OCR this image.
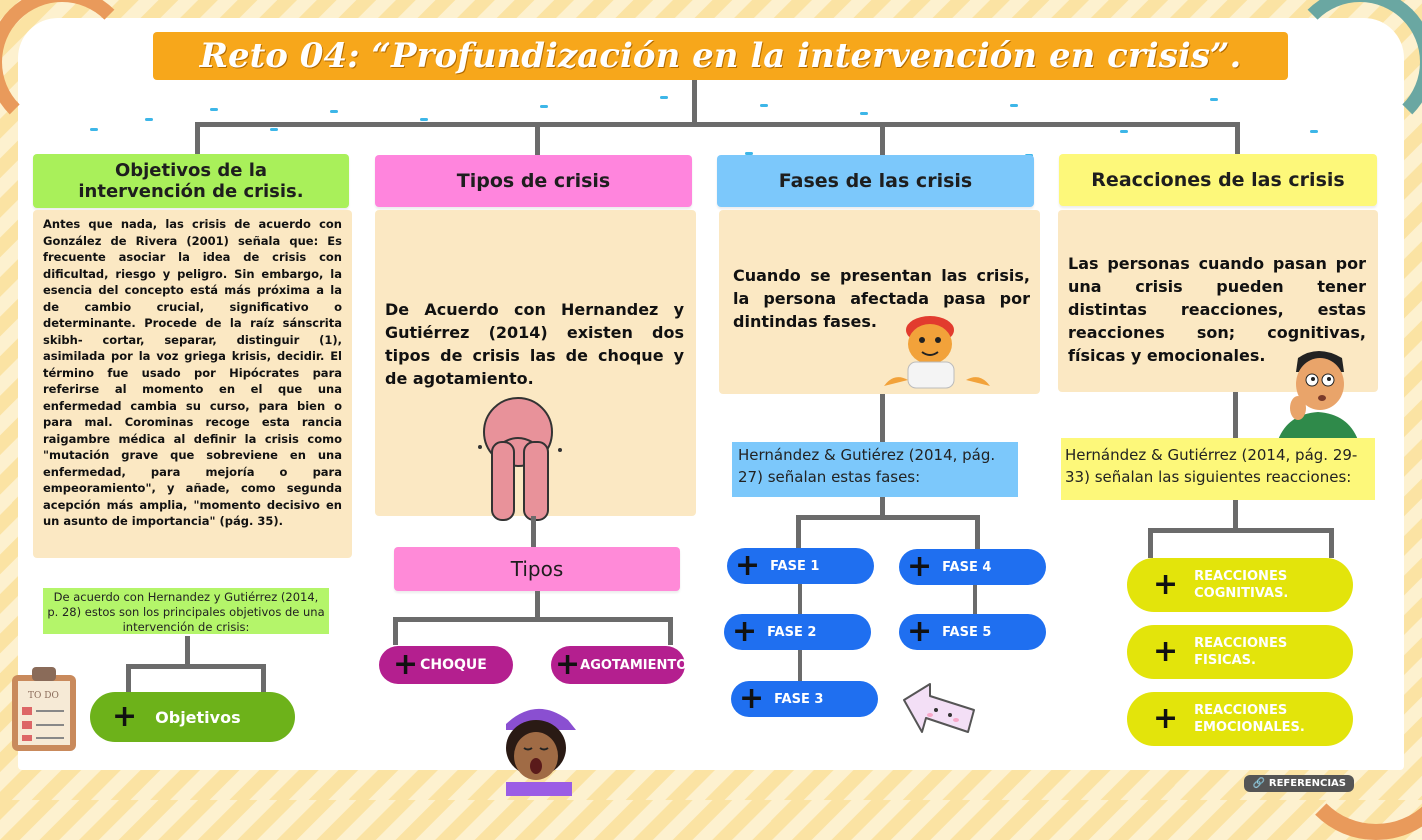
Reto 04: “Profundización en la intervención en crisis”.
Objetivos de la intervención de crisis.
Antes que nada, las crisis de acuerdo con González de Rivera (2001) señala que: Es frecuente asociar la idea de crisis con dificultad, riesgo y peligro. Sin embargo, la esencia del concepto está más próxima a la de cambio crucial, significativo o determinante. Procede de la raíz sánscrita skibh- cortar, separar, distinguir (1), asimilada por la voz griega krisis, decidir. El término fue usado por Hipócrates para referirse al momento en el que una enfermedad cambia su curso, para bien o para mal. Corominas recoge esta rancia raigambre médica al definir la crisis como "mutación grave que sobreviene en una enfermedad, para mejoría o para empeoramiento", y añade, como segunda acepción más amplia, "momento decisivo en un asunto de importancia" (pág. 35).
De acuerdo con Hernandez y Gutiérrez (2014, p. 28) estos son los principales objetivos de una intervención de crisis:
+ Objetivos
TO DO
Tipos de crisis
De Acuerdo con Hernandez y Gutiérrez (2014) existen dos tipos de crisis las de choque y de agotamiento.
Tipos
+ CHOQUE + AGOTAMIENTO
Fases de las crisis
Cuando se presentan las crisis, la persona afectada pasa por dintindas fases.
Hernández & Gutiérez (2014, pág. 27) señalan estas fases:
+ FASE 1
+ FASE 2
+ FASE 3
+ FASE 4
+ FASE 5
Reacciones de las crisis
Las personas cuando pasan por una crisis pueden tener distintas reacciones, estas reacciones son; cognitivas, físicas y emocionales.
Hernández & Gutiérrez (2014, pág. 29-33) señalan las siguientes reacciones:
+ REACCIONES COGNITIVAS.
+ REACCIONES FISICAS.
+ REACCIONES EMOCIONALES.
🔗 REFERENCIAS
